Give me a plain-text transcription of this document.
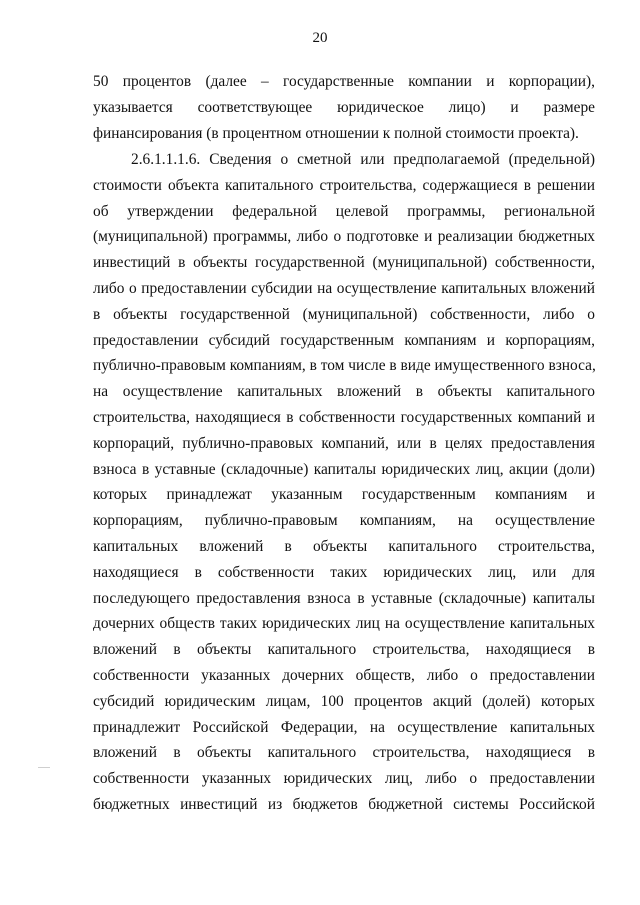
20
50 процентов (далее – государственные компании и корпорации),
указывается соответствующее юридическое лицо) и размере
финансирования (в процентном отношении к полной стоимости проекта).
2.6.1.1.1.6. Сведения о сметной или предполагаемой (предельной)
стоимости объекта капитального строительства, содержащиеся в решении
об утверждении федеральной целевой программы, региональной
(муниципальной) программы, либо о подготовке и реализации бюджетных
инвестиций в объекты государственной (муниципальной) собственности,
либо о предоставлении субсидии на осуществление капитальных вложений
в объекты государственной (муниципальной) собственности, либо о
предоставлении субсидий государственным компаниям и корпорациям,
публично-правовым компаниям, в том числе в виде имущественного взноса,
на осуществление капитальных вложений в объекты капитального
строительства, находящиеся в собственности государственных компаний и
корпораций, публично-правовых компаний, или в целях предоставления
взноса в уставные (складочные) капиталы юридических лиц, акции (доли)
которых принадлежат указанным государственным компаниям и
корпорациям, публично-правовым компаниям, на осуществление
капитальных вложений в объекты капитального строительства,
находящиеся в собственности таких юридических лиц, или для
последующего предоставления взноса в уставные (складочные) капиталы
дочерних обществ таких юридических лиц на осуществление капитальных
вложений в объекты капитального строительства, находящиеся в
собственности указанных дочерних обществ, либо о предоставлении
субсидий юридическим лицам, 100 процентов акций (долей) которых
принадлежит Российской Федерации, на осуществление капитальных
вложений в объекты капитального строительства, находящиеся в
собственности указанных юридических лиц, либо о предоставлении
бюджетных инвестиций из бюджетов бюджетной системы Российской
